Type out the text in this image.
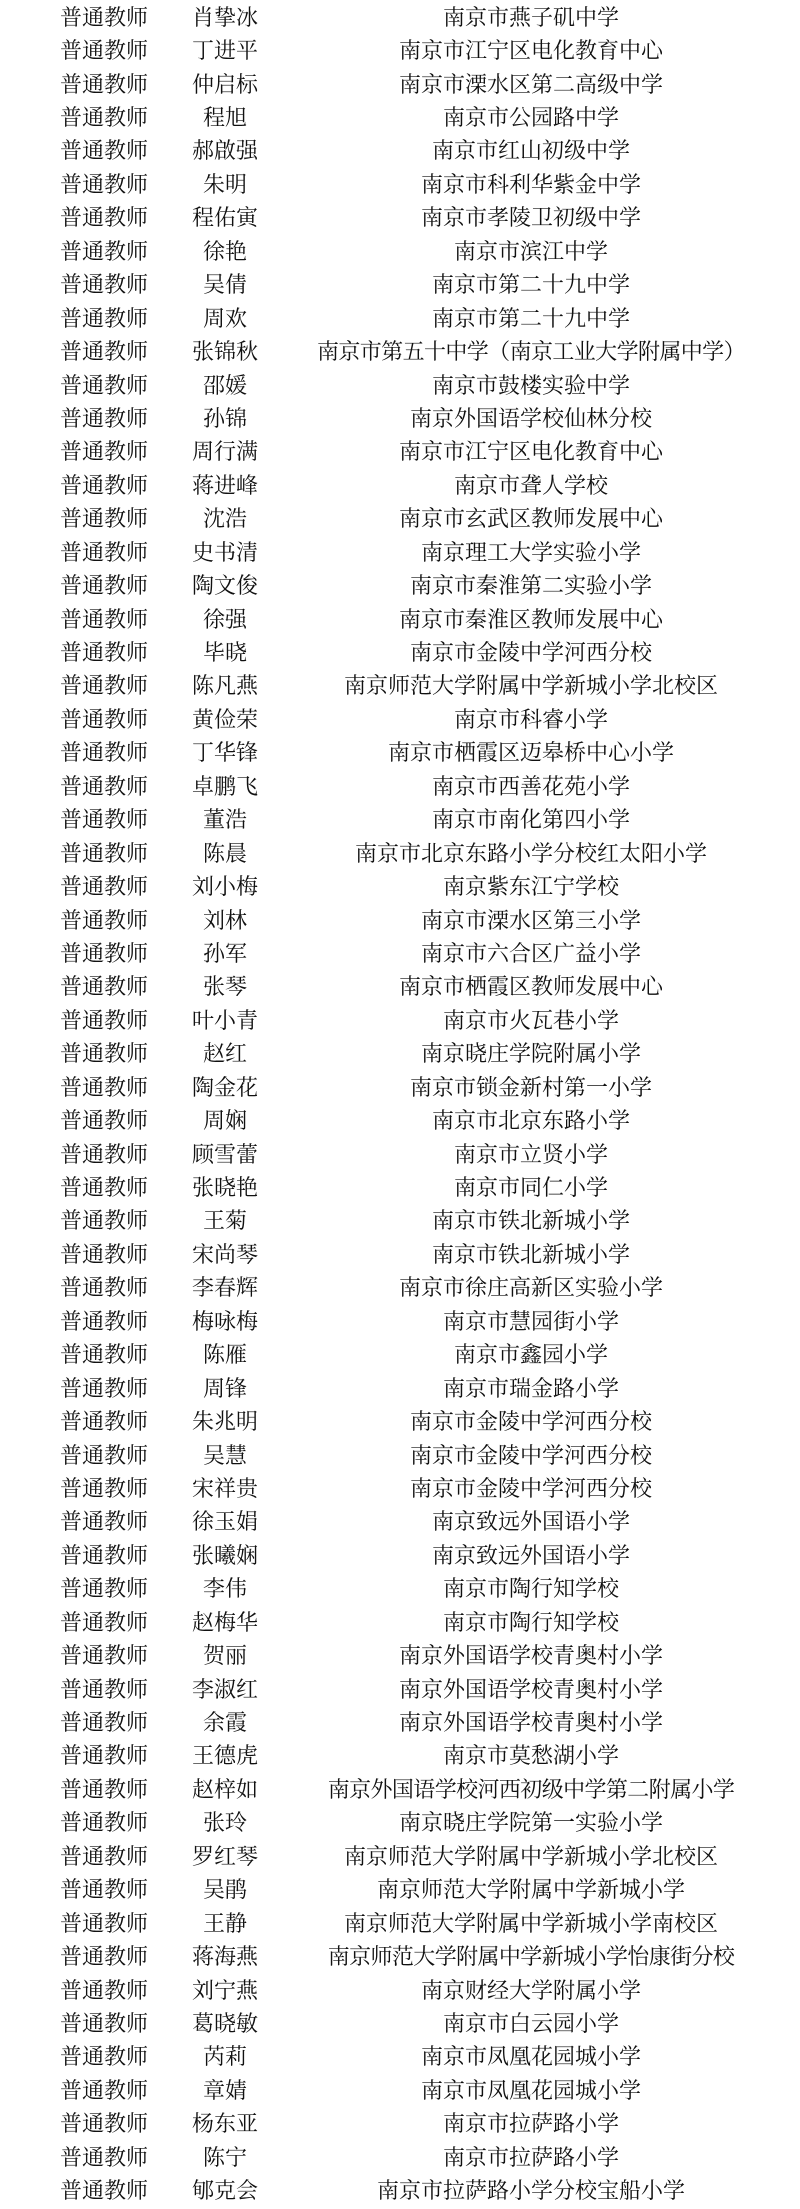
普通教师	肖挚冰	南京市燕子矶中学
普通教师	丁进平	南京市江宁区电化教育中心
普通教师	仲启标	南京市溧水区第二高级中学
普通教师	程旭	南京市公园路中学
普通教师	郝啟强	南京市红山初级中学
普通教师	朱明	南京市科利华紫金中学
普通教师	程佑寅	南京市孝陵卫初级中学
普通教师	徐艳	南京市滨江中学
普通教师	吴倩	南京市第二十九中学
普通教师	周欢	南京市第二十九中学
普通教师	张锦秋	南京市第五十中学（南京工业大学附属中学）
普通教师	邵媛	南京市鼓楼实验中学
普通教师	孙锦	南京外国语学校仙林分校
普通教师	周行满	南京市江宁区电化教育中心
普通教师	蒋进峰	南京市聋人学校
普通教师	沈浩	南京市玄武区教师发展中心
普通教师	史书清	南京理工大学实验小学
普通教师	陶文俊	南京市秦淮第二实验小学
普通教师	徐强	南京市秦淮区教师发展中心
普通教师	毕晓	南京市金陵中学河西分校
普通教师	陈凡燕	南京师范大学附属中学新城小学北校区
普通教师	黄俭荣	南京市科睿小学
普通教师	丁华锋	南京市栖霞区迈皋桥中心小学
普通教师	卓鹏飞	南京市西善花苑小学
普通教师	董浩	南京市南化第四小学
普通教师	陈晨	南京市北京东路小学分校红太阳小学
普通教师	刘小梅	南京紫东江宁学校
普通教师	刘林	南京市溧水区第三小学
普通教师	孙军	南京市六合区广益小学
普通教师	张琴	南京市栖霞区教师发展中心
普通教师	叶小青	南京市火瓦巷小学
普通教师	赵红	南京晓庄学院附属小学
普通教师	陶金花	南京市锁金新村第一小学
普通教师	周娴	南京市北京东路小学
普通教师	顾雪蕾	南京市立贤小学
普通教师	张晓艳	南京市同仁小学
普通教师	王菊	南京市铁北新城小学
普通教师	宋尚琴	南京市铁北新城小学
普通教师	李春辉	南京市徐庄高新区实验小学
普通教师	梅咏梅	南京市慧园街小学
普通教师	陈雁	南京市鑫园小学
普通教师	周锋	南京市瑞金路小学
普通教师	朱兆明	南京市金陵中学河西分校
普通教师	吴慧	南京市金陵中学河西分校
普通教师	宋祥贵	南京市金陵中学河西分校
普通教师	徐玉娟	南京致远外国语小学
普通教师	张曦娴	南京致远外国语小学
普通教师	李伟	南京市陶行知学校
普通教师	赵梅华	南京市陶行知学校
普通教师	贺丽	南京外国语学校青奥村小学
普通教师	李淑红	南京外国语学校青奥村小学
普通教师	余霞	南京外国语学校青奥村小学
普通教师	王德虎	南京市莫愁湖小学
普通教师	赵梓如	南京外国语学校河西初级中学第二附属小学
普通教师	张玲	南京晓庄学院第一实验小学
普通教师	罗红琴	南京师范大学附属中学新城小学北校区
普通教师	吴鹃	南京师范大学附属中学新城小学
普通教师	王静	南京师范大学附属中学新城小学南校区
普通教师	蒋海燕	南京师范大学附属中学新城小学怡康街分校
普通教师	刘宁燕	南京财经大学附属小学
普通教师	葛晓敏	南京市白云园小学
普通教师	芮莉	南京市凤凰花园城小学
普通教师	章婧	南京市凤凰花园城小学
普通教师	杨东亚	南京市拉萨路小学
普通教师	陈宁	南京市拉萨路小学
普通教师	郇克会	南京市拉萨路小学分校宝船小学
